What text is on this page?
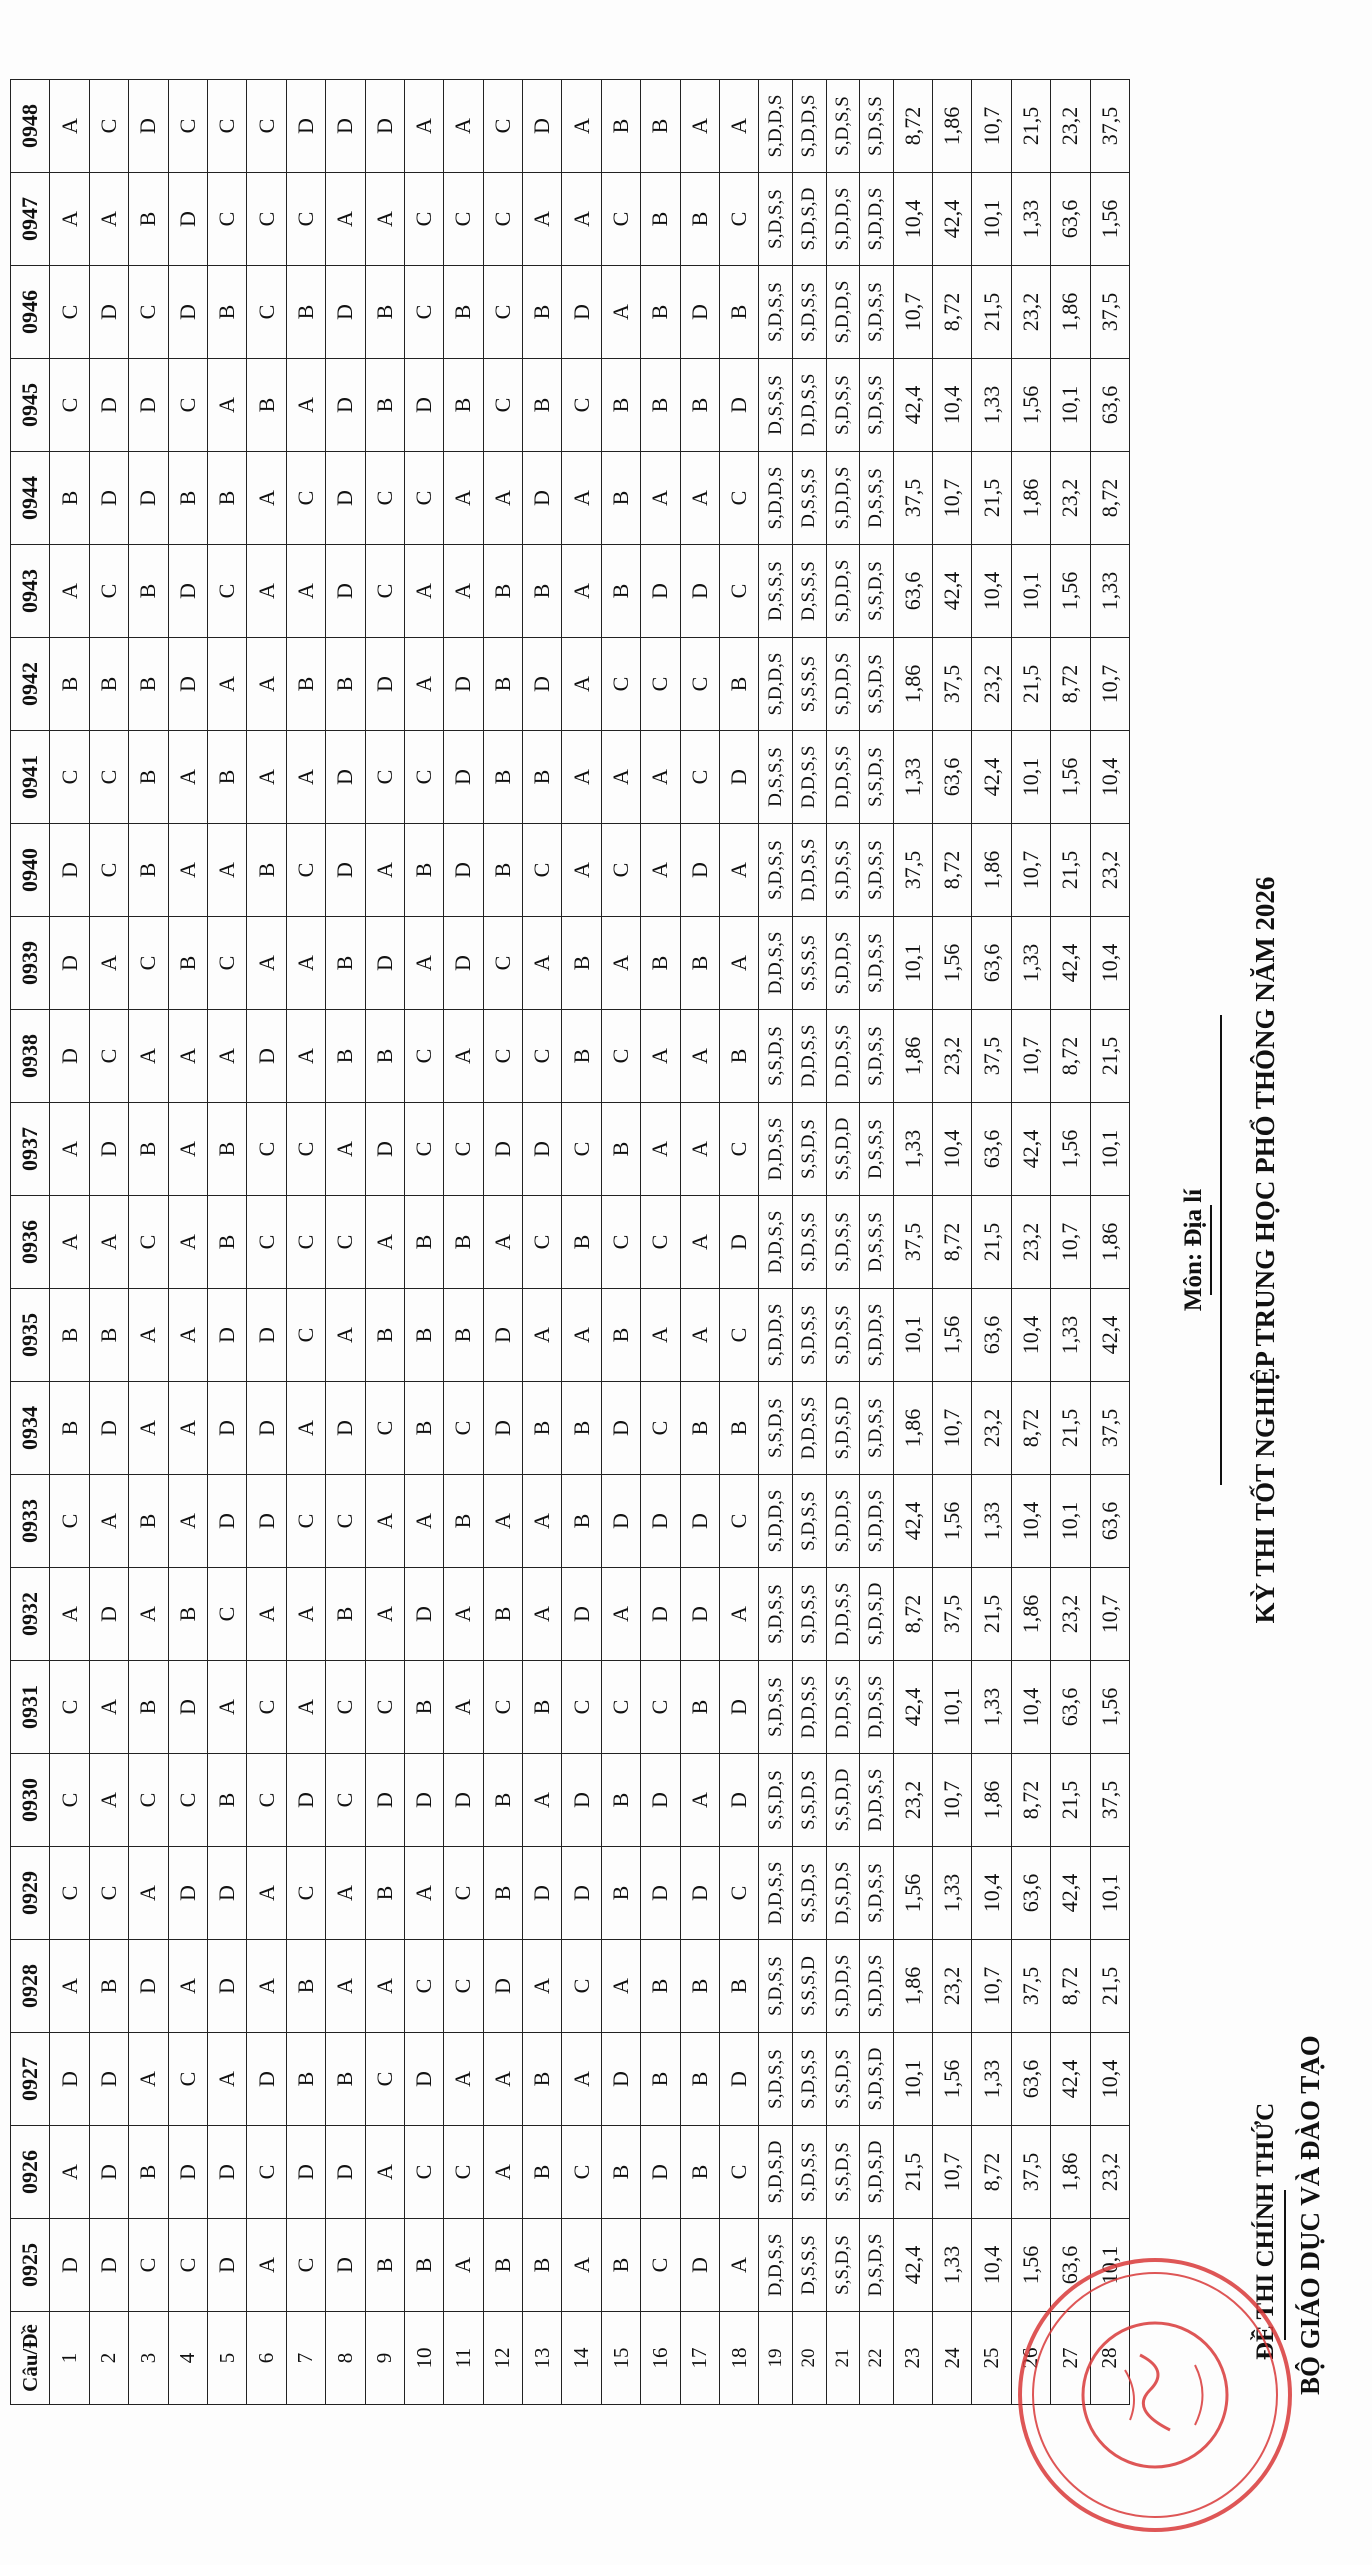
BỘ GIÁO DỤC VÀ ĐÀO TẠO
ĐỀ THI CHÍNH THỨC
KỲ THI TỐT NGHIỆP TRUNG HỌC PHỔ THÔNG NĂM 2026
Môn: Địa lí
Câu/Đề	0925	0926	0927	0928	0929	0930	0931	0932	0933	0934	0935	0936	0937	0938	0939	0940	0941	0942	0943	0944	0945	0946	0947	0948
1	D	A	D	A	C	C	C	A	C	B	B	A	A	D	D	D	C	B	A	B	C	C	A	A
2	D	D	D	B	C	A	A	D	A	D	B	A	D	C	A	C	C	B	C	D	D	D	A	C
3	C	B	A	D	A	C	B	A	B	A	A	C	B	A	C	B	B	B	B	D	D	C	B	D
4	C	D	C	A	D	C	D	B	A	A	A	A	A	A	B	A	A	D	D	B	C	D	D	C
5	D	D	A	D	D	B	A	C	D	D	D	B	B	A	C	A	B	A	C	B	A	B	C	C
6	A	C	D	A	A	C	C	A	D	D	D	C	C	D	A	B	A	A	A	A	B	C	C	C
7	C	D	B	B	C	D	A	A	C	A	C	C	C	A	A	C	A	B	A	C	A	B	C	D
8	D	D	B	A	A	C	C	B	C	D	A	C	A	B	B	D	D	B	D	D	D	D	A	D
9	B	A	C	A	B	D	C	A	A	C	B	A	D	B	D	A	C	D	C	C	B	B	A	D
10	B	C	D	C	A	D	B	D	A	B	B	B	C	C	A	B	C	A	A	C	D	C	C	A
11	A	C	A	C	C	D	A	A	B	C	B	B	C	A	D	D	D	D	A	A	B	B	C	A
12	B	A	A	D	B	B	C	B	A	D	D	A	D	C	C	B	B	B	B	A	C	C	C	C
13	B	B	B	A	D	A	B	A	A	B	A	C	D	C	A	C	B	D	B	D	B	B	A	D
14	A	C	A	C	D	D	C	D	B	B	A	B	C	B	B	A	A	A	A	A	C	D	A	A
15	B	B	D	A	B	B	C	A	D	D	B	C	B	C	A	C	A	C	B	B	B	A	C	B
16	C	D	B	B	D	D	C	D	D	C	A	C	A	A	B	A	A	C	D	A	B	B	B	B
17	D	B	B	B	D	A	B	D	D	B	A	A	A	A	B	D	C	C	D	A	B	D	B	A
18	A	C	D	B	C	D	D	A	C	B	C	D	C	B	A	A	D	B	C	C	D	B	C	A
19	D,D,S,S	S,D,S,D	S,D,S,S	S,D,S,S	D,D,S,S	S,S,D,S	S,D,S,S	S,D,S,S	S,D,D,S	S,S,D,S	S,D,D,S	D,D,S,S	D,D,S,S	S,S,D,S	D,D,S,S	S,D,S,S	D,S,S,S	S,D,D,S	D,S,S,S	S,D,D,S	D,S,S,S	S,D,S,S	S,D,S,S	S,D,D,S
20	D,S,S,S	S,D,S,S	S,D,S,S	S,S,S,D	S,S,D,S	S,S,D,S	D,D,S,S	S,D,S,S	S,D,S,S	D,D,S,S	S,D,S,S	S,D,S,S	S,S,D,S	D,D,S,S	S,S,S,S	D,D,S,S	D,D,S,S	S,S,S,S	D,S,S,S	D,S,S,S	D,D,S,S	S,D,S,S	S,D,S,D	S,D,D,S
21	S,S,D,S	S,S,D,S	S,S,D,S	S,D,D,S	D,S,D,S	S,S,D,D	D,D,S,S	D,D,S,S	S,D,D,S	S,D,S,D	S,D,S,S	S,D,S,S	S,S,D,D	D,D,S,S	S,D,D,S	S,D,S,S	D,D,S,S	S,D,D,S	S,D,D,S	S,D,D,S	S,D,S,S	S,D,D,S	S,D,D,S	S,D,S,S
22	D,S,D,S	S,D,S,D	S,D,S,D	S,D,D,S	S,D,S,S	D,D,S,S	D,D,S,S	S,D,S,D	S,D,D,S	S,D,S,S	S,D,D,S	D,S,S,S	D,S,S,S	S,D,S,S	S,D,S,S	S,D,S,S	S,S,D,S	S,S,D,S	S,S,D,S	D,S,S,S	S,D,S,S	S,D,S,S	S,D,D,S	S,D,S,S
23	42,4	21,5	10,1	1,86	1,56	23,2	42,4	8,72	42,4	1,86	10,1	37,5	1,33	1,86	10,1	37,5	1,33	1,86	63,6	37,5	42,4	10,7	10,4	8,72
24	1,33	10,7	1,56	23,2	1,33	10,7	10,1	37,5	1,56	10,7	1,56	8,72	10,4	23,2	1,56	8,72	63,6	37,5	42,4	10,7	10,4	8,72	42,4	1,86
25	10,4	8,72	1,33	10,7	10,4	1,86	1,33	21,5	1,33	23,2	63,6	21,5	63,6	37,5	63,6	1,86	42,4	23,2	10,4	21,5	1,33	21,5	10,1	10,7
26	1,56	37,5	63,6	37,5	63,6	8,72	10,4	1,86	10,4	8,72	10,4	23,2	42,4	10,7	1,33	10,7	10,1	21,5	10,1	1,86	1,56	23,2	1,33	21,5
27	63,6	1,86	42,4	8,72	42,4	21,5	63,6	23,2	10,1	21,5	1,33	10,7	1,56	8,72	42,4	21,5	1,56	8,72	1,56	23,2	10,1	1,86	63,6	23,2
28	10,1	23,2	10,4	21,5	10,1	37,5	1,56	10,7	63,6	37,5	42,4	1,86	10,1	21,5	10,4	23,2	10,4	10,7	1,33	8,72	63,6	37,5	1,56	37,5
